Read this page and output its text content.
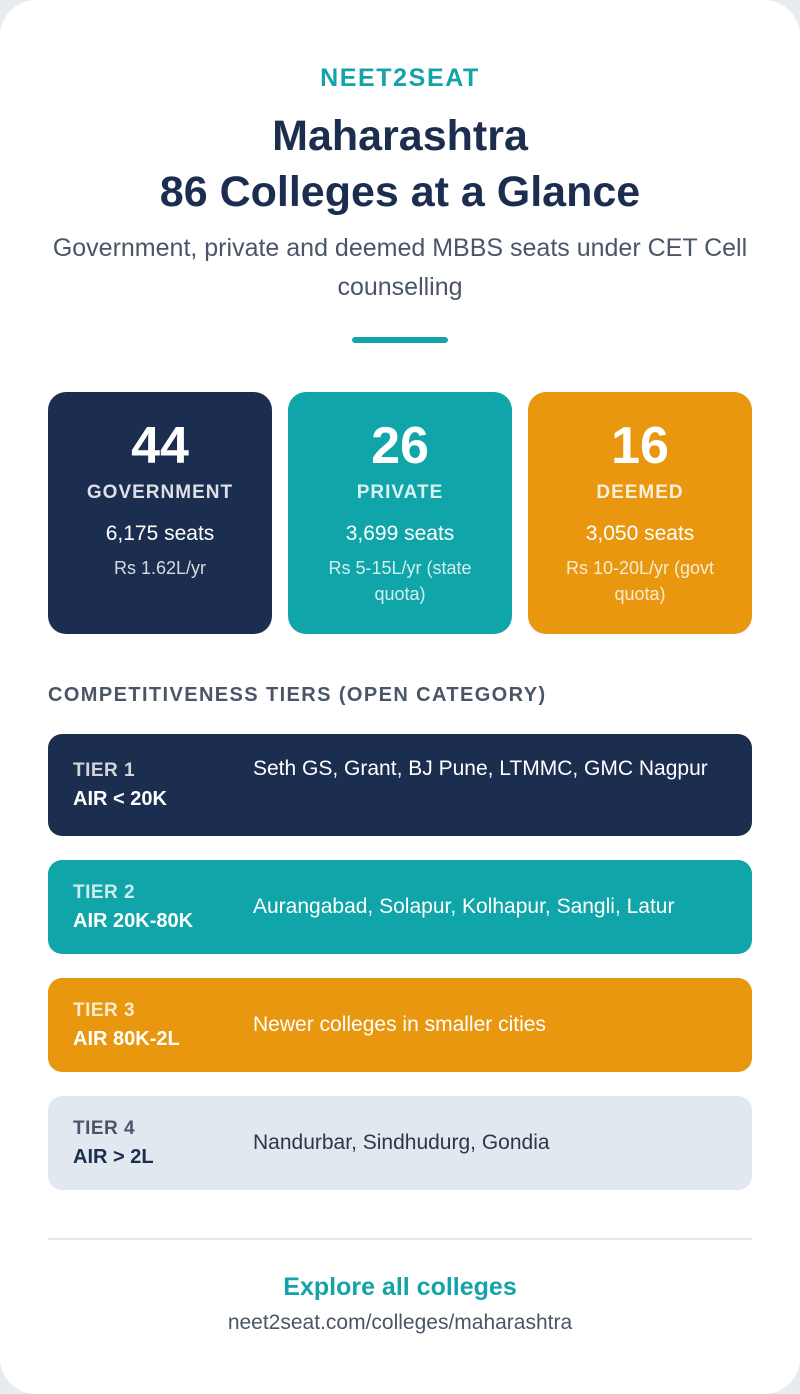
NEET2SEAT
Maharashtra
86 Colleges at a Glance
Government, private and deemed MBBS seats under CET Cell counselling
44
GOVERNMENT
6,175 seats
Rs 1.62L/yr
26
PRIVATE
3,699 seats
Rs 5-15L/yr (state quota)
16
DEEMED
3,050 seats
Rs 10-20L/yr (govt quota)
COMPETITIVENESS TIERS (OPEN CATEGORY)
TIER 1
AIR < 20K
Seth GS, Grant, BJ Pune, LTMMC, GMC Nagpur
TIER 2
AIR 20K-80K
Aurangabad, Solapur, Kolhapur, Sangli, Latur
TIER 3
AIR 80K-2L
Newer colleges in smaller cities
TIER 4
AIR > 2L
Nandurbar, Sindhudurg, Gondia
Explore all colleges
neet2seat.com/colleges/maharashtra
